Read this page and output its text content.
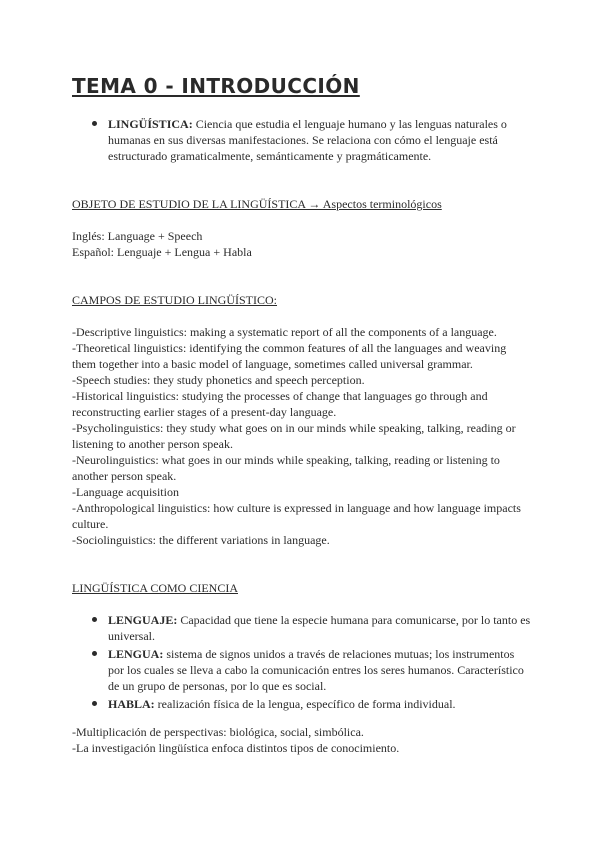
TEMA 0 - INTRODUCCIÓN
LINGÜÍSTICA: Ciencia que estudia el lenguaje humano y las lenguas naturales o humanas en sus diversas manifestaciones. Se relaciona con cómo el lenguaje está estructurado gramaticalmente, semánticamente y pragmáticamente.
OBJETO DE ESTUDIO DE LA LINGÜÍSTICA → Aspectos terminológicos

Inglés: Language + Speech

Español: Lenguaje + Lengua + Habla

CAMPOS DE ESTUDIO LINGÜÍSTICO:

-Descriptive linguistics: making a systematic report of all the components of a language.

-Theoretical linguistics: identifying the common features of all the languages and weaving them together into a basic model of language, sometimes called universal grammar.

-Speech studies: they study phonetics and speech perception.

-Historical linguistics: studying the processes of change that languages go through and reconstructing earlier stages of a present-day language.

-Psycholinguistics: they study what goes on in our minds while speaking, talking, reading or listening to another person speak.

-Neurolinguistics: what goes in our minds while speaking, talking, reading or listening to another person speak.

-Language acquisition

-Anthropological linguistics: how culture is expressed in language and how language impacts culture.

-Sociolinguistics: the different variations in language.

LINGÜÍSTICA COMO CIENCIA
LENGUAJE: Capacidad que tiene la especie humana para comunicarse, por lo tanto es universal.
LENGUA: sistema de signos unidos a través de relaciones mutuas; los instrumentos por los cuales se lleva a cabo la comunicación entres los seres humanos. Característico de un grupo de personas, por lo que es social.
HABLA: realización física de la lengua, específico de forma individual.

-Multiplicación de perspectivas: biológica, social, simbólica.

-La investigación lingüística enfoca distintos tipos de conocimiento.
